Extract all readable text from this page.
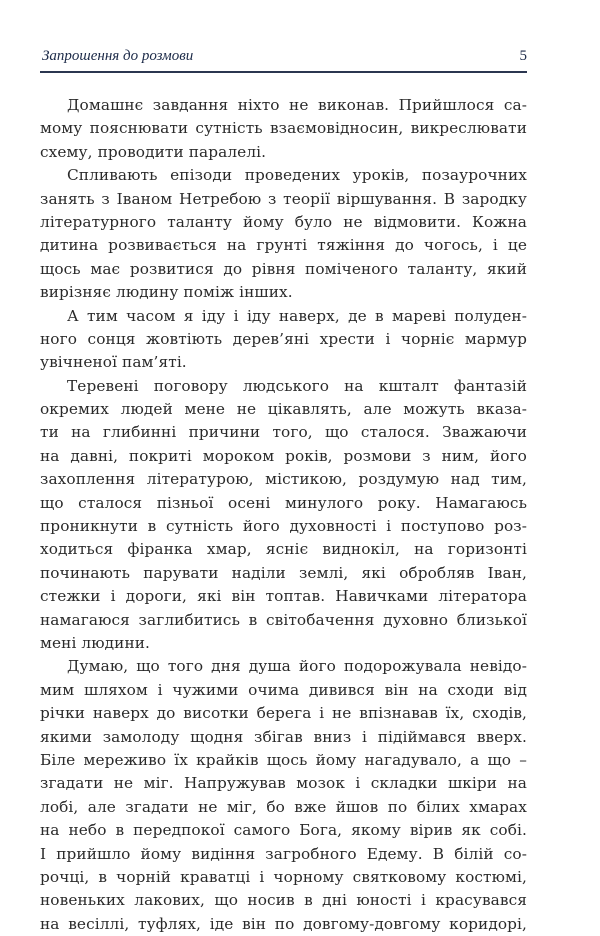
Запрошення до розмови	5
Домашнє завдання ніхто не виконав. Прийшлося са-
мому пояснювати сутність взаємовідносин, викреслювати
схему, проводити паралелі.
Спливають епізоди проведених уроків, позаурочних
занять з Іваном Нетребою з теорії віршування. В зародку
літературного таланту йому було не відмовити. Кожна
дитина розвивається на грунті тяжіння до чогось, і це
щось має розвитися до рівня поміченого таланту, який
вирізняє людину поміж інших.
А тим часом я іду і іду наверх, де в мареві полуден-
ного сонця жовтіють дерев’яні хрести і чорніє мармур
увічненої пам’яті.
Теревені поговору людського на кшталт фантазій
окремих людей мене не цікавлять, але можуть вказа-
ти на глибинні причини того, що сталося. Зважаючи
на давні, покриті мороком років, розмови з ним, його
захоплення літературою, містикою, роздумую над тим,
що сталося пізньої осені минулого року. Намагаюсь
проникнути в сутність його духовності і поступово роз-
ходиться фіранка хмар, ясніє виднокіл, на горизонті
починають парувати наділи землі, які обробляв Іван,
стежки і дороги, які він топтав. Навичками літератора
намагаюся заглибитись в світобачення духовно близької
мені людини.
Думаю, що того дня душа його подорожувала невідо-
мим шляхом і чужими очима дивився він на сходи від
річки наверх до висотки берега і не впізнавав їх, сходів,
якими замолоду щодня збігав вниз і підіймався вверх.
Біле мереживо їх крайків щось йому нагадувало, а що –
згадати не міг. Напружував мозок і складки шкіри на
лобі, але згадати не міг, бо вже йшов по білих хмарах
на небо в передпокої самого Бога, якому вірив як собі.
І прийшло йому видіння загробного Едему. В білій со-
рочці, в чорній краватці і чорному святковому костюмі,
новеньких лакових, що носив в дні юності і красувався
на весіллі, туфлях, іде він по довгому-довгому коридорі,
